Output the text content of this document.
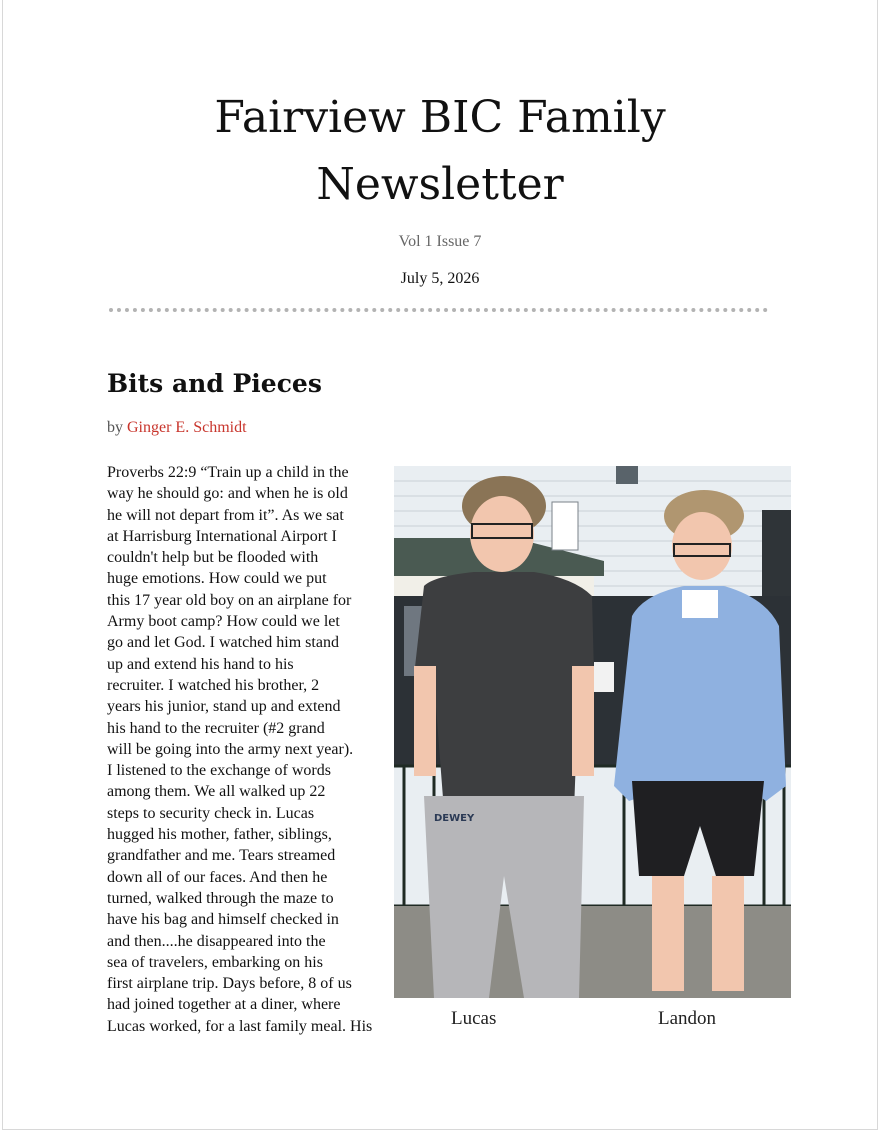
Fairview BIC Family
Newsletter
Vol 1 Issue 7
July 5, 2026
Bits and Pieces
by Ginger E. Schmidt
Proverbs 22:9 “Train up a child in the
way he should go: and when he is old
he will not depart from it”. As we sat
at Harrisburg International Airport I
couldn't help but be flooded with
huge emotions. How could we put
this 17 year old boy on an airplane for
Army boot camp? How could we let
go and let God. I watched him stand
up and extend his hand to his
recruiter. I watched his brother, 2
years his junior, stand up and extend
his hand to the recruiter (#2 grand
will be going into the army next year).
I listened to the exchange of words
among them. We all walked up 22
steps to security check in. Lucas
hugged his mother, father, siblings,
grandfather and me. Tears streamed
down all of our faces. And then he
turned, walked through the maze to
have his bag and himself checked in
and then....he disappeared into the
sea of travelers, embarking on his
first airplane trip. Days before, 8 of us
had joined together at a diner, where
Lucas worked, for a last family meal. His
DEWEY
Lucas	Landon
